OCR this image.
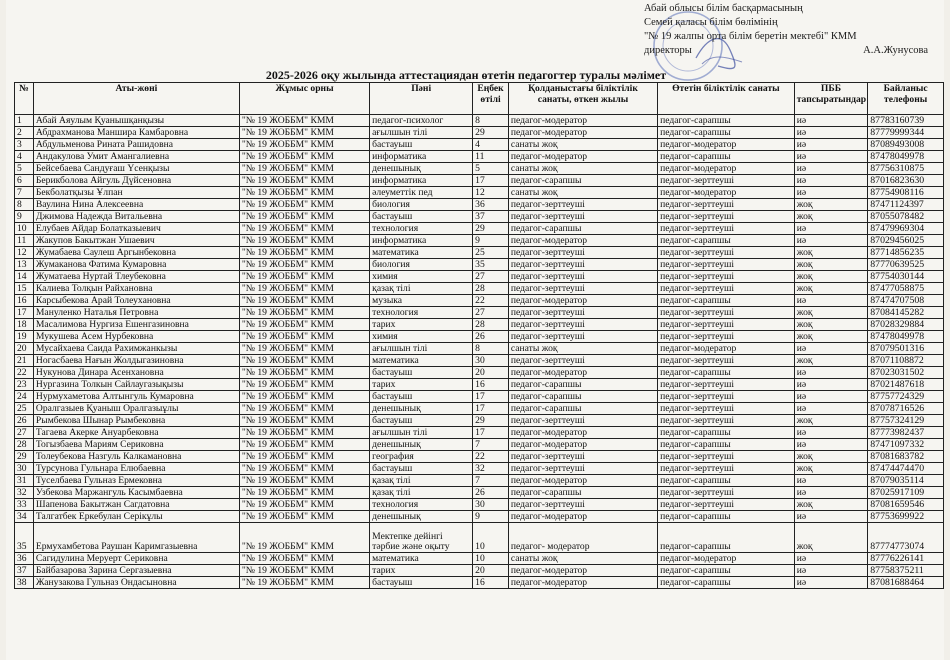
Абай облысы білім басқармасының
Семей қаласы білім бөлімінің
"№ 19 жалпы орта білім беретін мектебі" КММ
директоры	А.А.Жунусова
2025-2026 оқу жылында аттестациядан өтетін педагогтер туралы мәлімет
№	Аты-жөні	Жұмыс орны	Пәні	Еңбек өтілі	Қолданыстағы біліктілік санаты, өткен жылы	Өтетін біліктілік санаты	ПББ тапсыратындар	Байланыс телефоны
1	Абай Аяулым Қуанышқанқызы	"№ 19 ЖОББМ" КММ	педагог-психолог	8	педагог-модератор	педагог-сарапшы	иә	87783160739
2	Абдрахманова Маншира Камбаровна	"№ 19 ЖОББМ" КММ	ағылшын тілі	29	педагог-модератор	педагог-сарапшы	иә	87779999344
3	Абдульменова Рината Рашидовна	"№ 19 ЖОББМ" КММ	бастауыш	4	санаты жоқ	педагог-модератор	иә	87089493008
4	Андакулова Умит Амангалиевна	"№ 19 ЖОББМ" КММ	информатика	11	педагог-модератор	педагог-сарапшы	иә	87478049978
5	Бейсебаева Сандуғаш Үсенқызы	"№ 19 ЖОББМ" КММ	денешынық	5	санаты жоқ	педагог-модератор	иә	87756310875
6	Берикболова Айгуль Дүйсеновна	"№ 19 ЖОББМ" КММ	информатика	17	педагог-сарапшы	педагог-зерттеуші	иә	87016823630
7	Бекболатқызы Ұлпан	"№ 19 ЖОББМ" КММ	әлеуметтік пед	12	санаты жоқ	педагог-модератор	иә	87754908116
8	Ваулина Нина Алексеевна	"№ 19 ЖОББМ" КММ	биология	36	педагог-зерттеуші	педагог-зерттеуші	жоқ	87471124397
9	Джимова Надежда Витальевна	"№ 19 ЖОББМ" КММ	бастауыш	37	педагог-зерттеуші	педагог-зерттеуші	жоқ	87055078482
10	Елубаев Айдар Болатказыевич	"№ 19 ЖОББМ" КММ	технология	29	педагог-сарапшы	педагог-зерттеуші	иә	87479969304
11	Жакупов Бакытжан Ушаевич	"№ 19 ЖОББМ" КММ	информатика	9	педагог-модератор	педагог-сарапшы	иә	87029456025
12	Жумабаева Саулеш Аргынбековна	"№ 19 ЖОББМ" КММ	математика	25	педагог-зерттеуші	педагог-зерттеуші	жоқ	87714856235
13	Жумаканова Фатима Кумаровна	"№ 19 ЖОББМ" КММ	биология	35	педагог-зерттеуші	педагог-зерттеуші	жоқ	87770639525
14	Жуматаева Нуртай Тлеубековна	"№ 19 ЖОББМ" КММ	химия	27	педагог-зерттеуші	педагог-зерттеуші	жоқ	87754030144
15	Калиева Толқын Райхановна	"№ 19 ЖОББМ" КММ	қазақ тілі	28	педагог-зерттеуші	педагог-зерттеуші	жоқ	87477058875
16	Карсыбекова Арай Толеухановна	"№ 19 ЖОББМ" КММ	музыка	22	педагог-модератор	педагог-сарапшы	иә	87474707508
17	Мануленко Наталья Петровна	"№ 19 ЖОББМ" КММ	технология	27	педагог-зерттеуші	педагог-зерттеуші	жоқ	87084145282
18	Масалимова Нургиза Ешенгазиновна	"№ 19 ЖОББМ" КММ	тарих	28	педагог-зерттеуші	педагог-зерттеуші	жоқ	87028329884
19	Мукушева Асем Нурбековна	"№ 19 ЖОББМ" КММ	химия	26	педагог-зерттеуші	педагог-зерттеуші	жоқ	87478049978
20	Мусайхаева Саида Рахимжанкызы	"№ 19 ЖОББМ" КММ	ағылшын тілі	8	санаты жоқ	педагог-модератор	иә	87079501316
21	Ногасбаева Нағын Жолдыгазиновна	"№ 19 ЖОББМ" КММ	математика	30	педагог-зерттеуші	педагог-зерттеуші	жоқ	87071108872
22	Нукунова Динара Асенхановна	"№ 19 ЖОББМ" КММ	бастауыш	20	педагог-модератор	педагог-сарапшы	иә	87023031502
23	Нургазина Толкын Сайлаугазықызы	"№ 19 ЖОББМ" КММ	тарих	16	педагог-сарапшы	педагог-зерттеуші	иә	87021487618
24	Нурмухаметова Алтынгуль Кумаровна	"№ 19 ЖОББМ" КММ	бастауыш	17	педагог-сарапшы	педагог-зерттеуші	иә	87757724329
25	Оралгазыев Қуаныш Оралгазыұлы	"№ 19 ЖОББМ" КММ	денешынық	17	педагог-сарапшы	педагог-зерттеуші	иә	87078716526
26	Рымбекова Шынар Рымбековна	"№ 19 ЖОББМ" КММ	бастауыш	29	педагог-зерттеуші	педагог-зерттеуші	жоқ	87757324129
27	Тагаева Акерке Ануарбековна	"№ 19 ЖОББМ" КММ	ағылшын тілі	17	педагог-модератор	педагог-сарапшы	иә	87773982437
28	Тогызбаева Мариям Сериковна	"№ 19 ЖОББМ" КММ	денешынық	7	педагог-модератор	педагог-сарапшы	иә	87471097332
29	Толеубекова Назгуль Калкамановна	"№ 19 ЖОББМ" КММ	география	22	педагог-зерттеуші	педагог-зерттеуші	жоқ	87081683782
30	Турсунова Гульнара Елюбаевна	"№ 19 ЖОББМ" КММ	бастауыш	32	педагог-зерттеуші	педагог-зерттеуші	жоқ	87474474470
31	Туселбаева Гульназ Ермековна	"№ 19 ЖОББМ" КММ	қазақ тілі	7	педагог-модератор	педагог-сарапшы	иә	87079035114
32	Узбекова Маржангуль Касымбаевна	"№ 19 ЖОББМ" КММ	қазақ тілі	26	педагог-сарапшы	педагог-зерттеуші	иә	87025917109
33	Шапенова Бакытжан Сагдатовна	"№ 19 ЖОББМ" КММ	технология	30	педагог-зерттеуші	педагог-зерттеуші	жоқ	87081659546
34	Талгатбек Еркебулан Серікұлы	"№ 19 ЖОББМ" КММ	денешынық	9	педагог-модератор	педагог-сарапшы	иә	87753699922
35	Ермухамбетова Раушан Каримгазыевна	"№ 19 ЖОББМ" КММ	Мектепке дейінгі тәрбие және оқыту	10	педагог- модератор	педагог-сарапшы	жоқ	87774773074
36	Сагидулина Меруерт Сериковна	"№ 19 ЖОББМ" КММ	математика	10	санаты жоқ	педагог-модератор	иә	87776226141
37	Байбазарова Зарина Сергазыевна	"№ 19 ЖОББМ" КММ	тарих	20	педагог-модератор	педагог-сарапшы	иә	87758375211
38	Жанузакова Гульназ Ондасыновна	"№ 19 ЖОББМ" КММ	бастауыш	16	педагог-модератор	педагог-сарапшы	иә	87081688464
